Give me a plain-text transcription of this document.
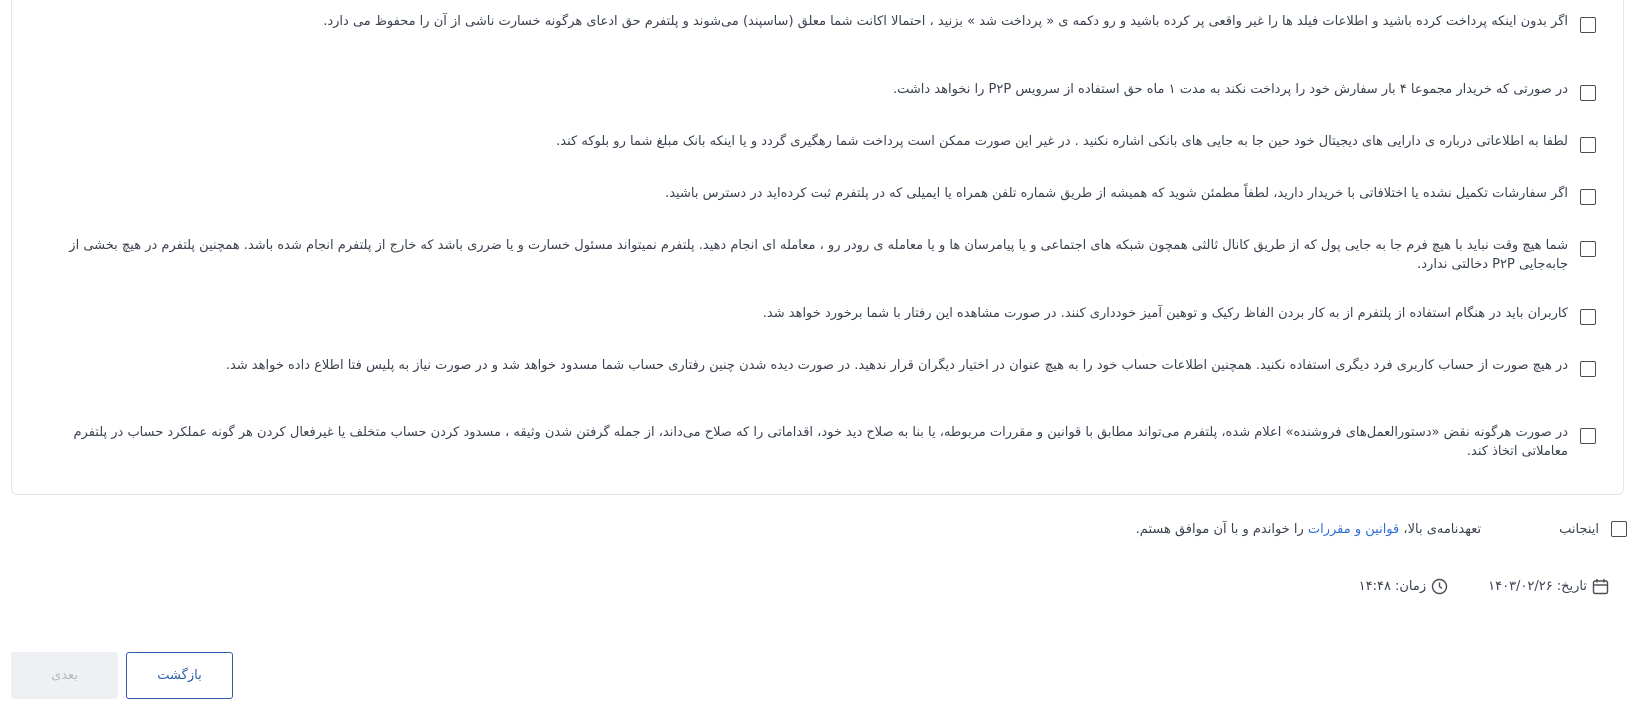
اگر بدون اینکه پرداخت کرده باشید و اطلاعات فیلد ها را غیر واقعی پر کرده باشید و رو دکمه ی « پرداخت شد » بزنید ، احتمالا اکانت شما معلق (ساسپند) می‌شوند و پلتفرم حق ادعای هرگونه خسارت ناشی از آن را محفوظ می دارد.
در صورتی که خریدار مجموعا ۴ بار سفارش خود را پرداخت نکند به مدت ۱ ماه حق استفاده از سرویس P۲P را نخواهد داشت.
لطفا به اطلاعاتی درباره ی دارایی های دیجیتال خود حین جا به جایی های بانکی اشاره نکنید . در غیر این صورت ممکن است پرداخت شما رهگیری گردد و یا اینکه بانک مبلغ شما رو بلوکه کند.
اگر سفارشات تکمیل نشده یا اختلافاتی با خریدار دارید، لطفاً مطمئن شوید که همیشه از طریق شماره تلفن همراه یا ایمیلی که در پلتفرم ثبت کرده‌اید در دسترس باشید.
شما هیچ وقت نباید با هیچ فرم جا به جایی پول که از طریق کانال ثالثی همچون شبکه های اجتماعی و یا پیامرسان ها و یا معامله ی رودر رو ، معامله ای انجام دهید. پلتفرم نمیتواند مسئول خسارت و یا ضرری باشد که خارج از پلتفرم انجام شده باشد. همچنین پلتفرم در هیچ بخشی از جابه‌جایی P۲P دخالتی ندارد.
کاربران باید در هنگام استفاده از پلتفرم از به کار بردن الفاظ رکیک و توهین آمیز خودداری کنند. در صورت مشاهده این رفتار با شما برخورد خواهد شد.
در هیچ صورت از حساب کاربری فرد دیگری استفاده نکنید. همچنین اطلاعات حساب خود را به هیچ عنوان در اختیار دیگران قرار ندهید. در صورت دیده شدن چنین رفتاری حساب شما مسدود خواهد شد و در صورت نیاز به پلیس فتا اطلاع داده خواهد شد.
در صورت هرگونه نقض «دستورالعمل‌های فروشنده» اعلام شده، پلتفرم می‌تواند مطابق با قوانین و مقررات مربوطه، یا بنا به صلاح دید خود، اقداماتی را که صلاح می‌داند، از جمله گرفتن شدن وثیقه ، مسدود کردن حساب متخلف یا غیرفعال کردن هر گونه عملکرد حساب در پلتفرم معاملاتی اتخاذ کند.
اینجانب
تعهدنامه‌ی بالا، قوانین و مقررات را خواندم و با آن موافق هستم.
تاریخ:
۱۴۰۳/۰۲/۲۶
زمان:
۱۴:۴۸
بازگشت
بعدی
